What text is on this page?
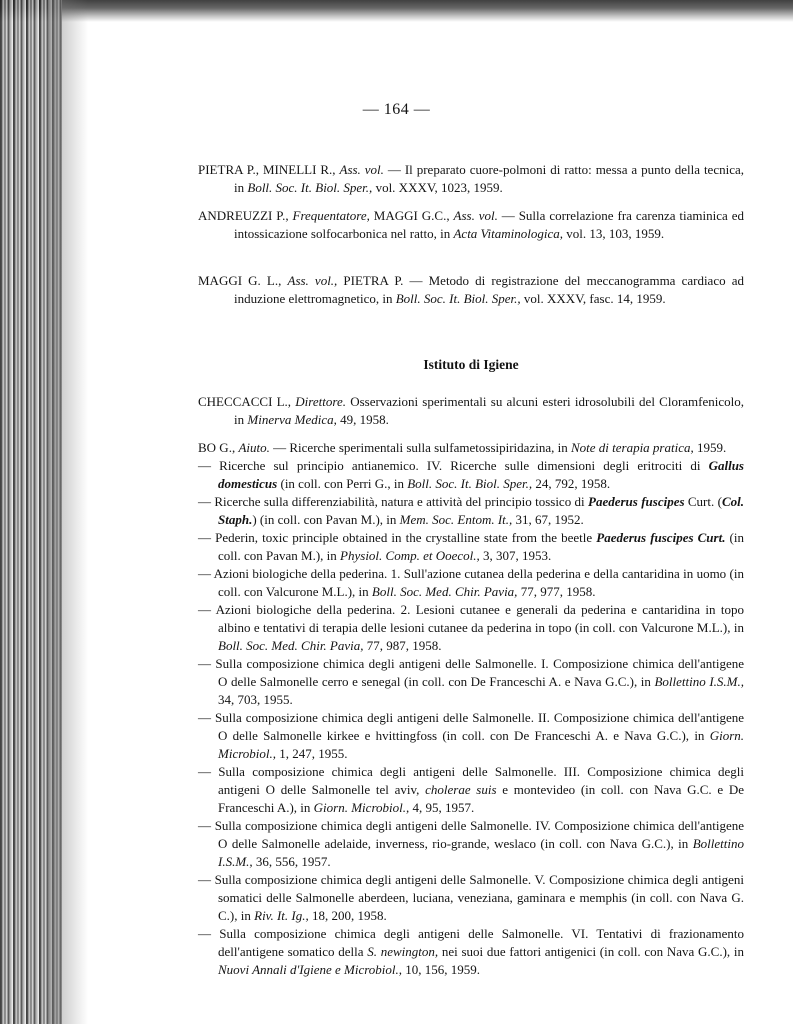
— 164 —

PIETRA P., MINELLI R., Ass. vol. — Il preparato cuore-polmoni di ratto: messa a punto della tecnica, in Boll. Soc. It. Biol. Sper., vol. XXXV, 1023, 1959.

ANDREUZZI P., Frequentatore, MAGGI G.C., Ass. vol. — Sulla correlazione fra carenza tiaminica ed intossicazione solfocarbonica nel ratto, in Acta Vitaminologica, vol. 13, 103, 1959.

MAGGI G. L., Ass. vol., PIETRA P. — Metodo di registrazione del meccanogramma cardiaco ad induzione elettromagnetico, in Boll. Soc. It. Biol. Sper., vol. XXXV, fasc. 14, 1959.

Istituto di Igiene

CHECCACCI L., Direttore. Osservazioni sperimentali su alcuni esteri idrosolubili del Cloramfenicolo, in Minerva Medica, 49, 1958.

BO G., Aiuto. — Ricerche sperimentali sulla sulfametossipiridazina, in Note di terapia pratica, 1959.

— Ricerche sul principio antianemico. IV. Ricerche sulle dimensioni degli eritrociti di Gallus domesticus (in coll. con Perri G., in Boll. Soc. It. Biol. Sper., 24, 792, 1958.

— Ricerche sulla differenziabilità, natura e attività del principio tossico di Paederus fuscipes Curt. (Col. Staph.) (in coll. con Pavan M.), in Mem. Soc. Entom. It., 31, 67, 1952.

— Pederin, toxic principle obtained in the crystalline state from the beetle Paederus fuscipes Curt. (in coll. con Pavan M.), in Physiol. Comp. et Ooecol., 3, 307, 1953.

— Azioni biologiche della pederina. 1. Sull'azione cutanea della pederina e della cantaridina in uomo (in coll. con Valcurone M.L.), in Boll. Soc. Med. Chir. Pavia, 77, 977, 1958.

— Azioni biologiche della pederina. 2. Lesioni cutanee e generali da pederina e cantaridina in topo albino e tentativi di terapia delle lesioni cutanee da pederina in topo (in coll. con Valcurone M.L.), in Boll. Soc. Med. Chir. Pavia, 77, 987, 1958.

— Sulla composizione chimica degli antigeni delle Salmonelle. I. Composizione chimica dell'antigene O delle Salmonelle cerro e senegal (in coll. con De Franceschi A. e Nava G.C.), in Bollettino I.S.M., 34, 703, 1955.

— Sulla composizione chimica degli antigeni delle Salmonelle. II. Composizione chimica dell'antigene O delle Salmonelle kirkee e hvittingfoss (in coll. con De Franceschi A. e Nava G.C.), in Giorn. Microbiol., 1, 247, 1955.

— Sulla composizione chimica degli antigeni delle Salmonelle. III. Composizione chimica degli antigeni O delle Salmonelle tel aviv, cholerae suis e montevideo (in coll. con Nava G.C. e De Franceschi A.), in Giorn. Microbiol., 4, 95, 1957.

— Sulla composizione chimica degli antigeni delle Salmonelle. IV. Composizione chimica dell'antigene O delle Salmonelle adelaide, inverness, rio-grande, weslaco (in coll. con Nava G.C.), in Bollettino I.S.M., 36, 556, 1957.

— Sulla composizione chimica degli antigeni delle Salmonelle. V. Composizione chimica degli antigeni somatici delle Salmonelle aberdeen, luciana, veneziana, gaminara e memphis (in coll. con Nava G. C.), in Riv. It. Ig., 18, 200, 1958.

— Sulla composizione chimica degli antigeni delle Salmonelle. VI. Tentativi di frazionamento dell'antigene somatico della S. newington, nei suoi due fattori antigenici (in coll. con Nava G.C.), in Nuovi Annali d'Igiene e Microbiol., 10, 156, 1959.
